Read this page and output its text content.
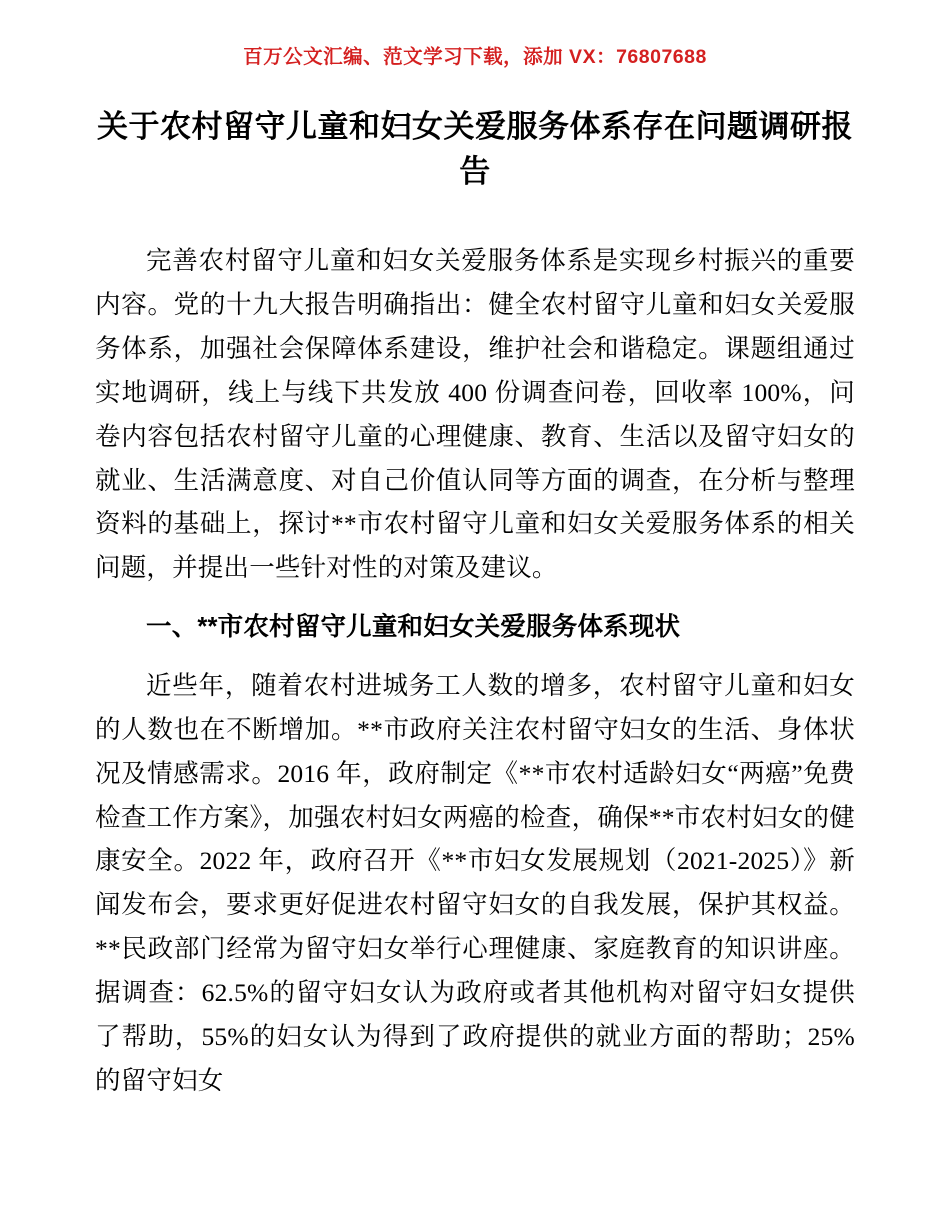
百万公文汇编、范文学习下载，添加 VX：76807688
关于农村留守儿童和妇女关爱服务体系存在问题调研报告

完善农村留守儿童和妇女关爱服务体系是实现乡村振兴的重要内容。党的十九大报告明确指出：健全农村留守儿童和妇女关爱服务体系，加强社会保障体系建设，维护社会和谐稳定。课题组通过实地调研，线上与线下共发放 400 份调查问卷，回收率 100%，问卷内容包括农村留守儿童的心理健康、教育、生活以及留守妇女的就业、生活满意度、对自己价值认同等方面的调查，在分析与整理资料的基础上，探讨**市农村留守儿童和妇女关爱服务体系的相关问题，并提出一些针对性的对策及建议。

一、**市农村留守儿童和妇女关爱服务体系现状

近些年，随着农村进城务工人数的增多，农村留守儿童和妇女的人数也在不断增加。**市政府关注农村留守妇女的生活、身体状况及情感需求。2016 年，政府制定《**市农村适龄妇女“两癌”免费检查工作方案》，加强农村妇女两癌的检查，确保**市农村妇女的健康安全。2022 年，政府召开《**市妇女发展规划（2021-2025）》新闻发布会，要求更好促进农村留守妇女的自我发展，保护其权益。**民政部门经常为留守妇女举行心理健康、家庭教育的知识讲座。据调查：62.5%的留守妇女认为政府或者其他机构对留守妇女提供了帮助，55%的妇女认为得到了政府提供的就业方面的帮助；25%的留守妇女
